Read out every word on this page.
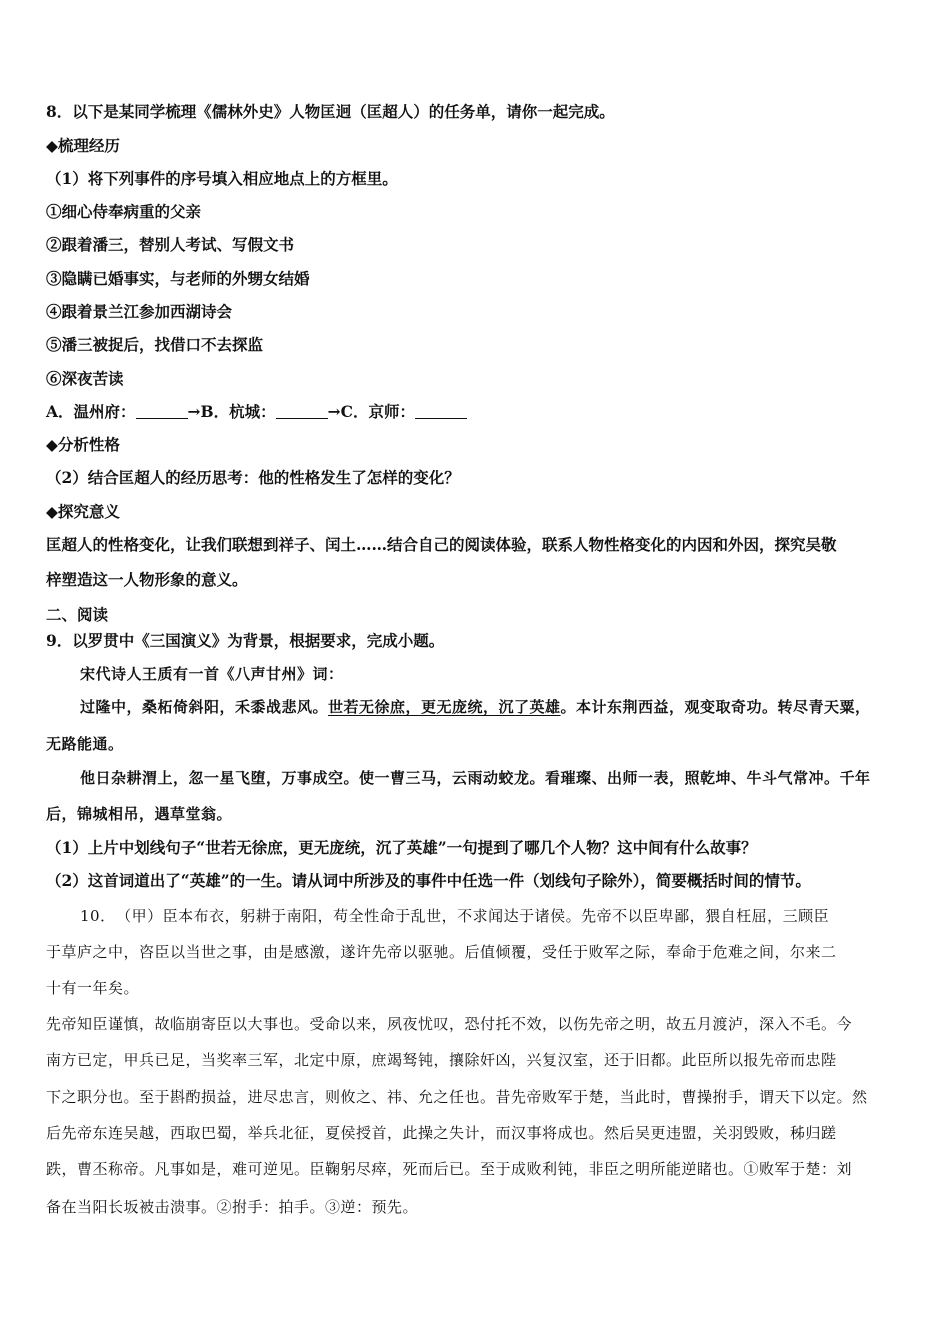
8．以下是某同学梳理《儒林外史》人物匡迥（匡超人）的任务单，请你一起完成。
◆梳理经历
（1）将下列事件的序号填入相应地点上的方框里。
①细心侍奉病重的父亲
②跟着潘三，替别人考试、写假文书
③隐瞒已婚事实，与老师的外甥女结婚
④跟着景兰江参加西湖诗会
⑤潘三被捉后，找借口不去探监
⑥深夜苦读
A．温州府：	→B．杭城：	→C．京师：
◆分析性格
（2）结合匡超人的经历思考：他的性格发生了怎样的变化？
◆探究意义
匡超人的性格变化，让我们联想到祥子、闰土……结合自己的阅读体验，联系人物性格变化的内因和外因，探究吴敬
梓塑造这一人物形象的意义。
二、阅读
9．以罗贯中《三国演义》为背景，根据要求，完成小题。
宋代诗人王质有一首《八声甘州》词：
过隆中，桑柘倚斜阳，禾黍战悲风。世若无徐庶，更无庞统，沉了英雄。本计东荆西益，观变取奇功。转尽青天粟，
无路能通。
他日杂耕渭上，忽一星飞堕，万事成空。使一曹三马，云雨动蛟龙。看璀璨、出师一表，照乾坤、牛斗气常冲。千年
后，锦城相吊，遇草堂翁。
（1）上片中划线句子“世若无徐庶，更无庞统，沉了英雄”一句提到了哪几个人物？这中间有什么故事？
（2）这首词道出了“英雄”的一生。请从词中所涉及的事件中任选一件（划线句子除外），简要概括时间的情节。
10．　（甲）臣本布衣，躬耕于南阳，苟全性命于乱世，不求闻达于诸侯。先帝不以臣卑鄙，猥自枉屈，三顾臣
于草庐之中，咨臣以当世之事，由是感激，遂许先帝以驱驰。后值倾覆，受任于败军之际，奉命于危难之间，尔来二
十有一年矣。
先帝知臣谨慎，故临崩寄臣以大事也。受命以来，夙夜忧叹，恐付托不效，以伤先帝之明，故五月渡泸，深入不毛。今
南方已定，甲兵已足，当奖率三军，北定中原，庶竭驽钝，攘除奸凶，兴复汉室，还于旧都。此臣所以报先帝而忠陛
下之职分也。至于斟酌损益，进尽忠言，则攸之、祎、允之任也。昔先帝败军于楚，当此时，曹操拊手，谓天下以定。然
后先帝东连吴越，西取巴蜀，举兵北征，夏侯授首，此操之失计，而汉事将成也。然后吴更违盟，关羽毁败，秭归蹉
跌，曹丕称帝。凡事如是，难可逆见。臣鞠躬尽瘁，死而后已。至于成败利钝，非臣之明所能逆睹也。①败军于楚：刘
备在当阳长坂被击溃事。②拊手：拍手。③逆：预先。
